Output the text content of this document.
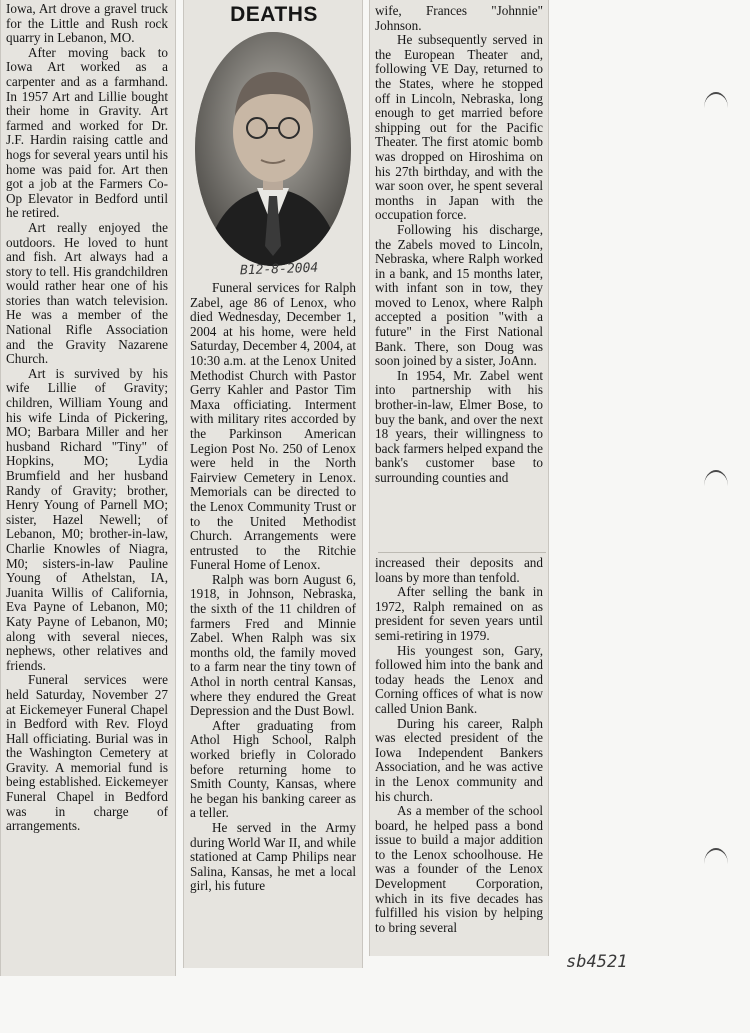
Iowa, Art drove a gravel truck for the Little and Rush rock quarry in Lebanon, MO.

After moving back to Iowa Art worked as a carpenter and as a farmhand. In 1957 Art and Lillie bought their home in Gravity. Art farmed and worked for Dr. J.F. Hardin raising cattle and hogs for several years until his home was paid for. Art then got a job at the Farmers Co-Op Elevator in Bedford until he retired.

Art really enjoyed the outdoors. He loved to hunt and fish. Art always had a story to tell. His grandchildren would rather hear one of his stories than watch television. He was a member of the National Rifle Association and the Gravity Nazarene Church.

Art is survived by his wife Lillie of Gravity; children, William Young and his wife Linda of Pickering, MO; Barbara Miller and her husband Richard "Tiny" of Hopkins, MO; Lydia Brumfield and her husband Randy of Gravity; brother, Henry Young of Parnell MO; sister, Hazel Newell; of Lebanon, M0; brother-in-law, Charlie Knowles of Niagra, M0; sisters-in-law Pauline Young of Athelstan, IA, Juanita Willis of California, Eva Payne of Lebanon, M0; Katy Payne of Lebanon, M0; along with several nieces, nephews, other relatives and friends.

Funeral services were held Saturday, November 27 at Eickemeyer Funeral Chapel in Bedford with Rev. Floyd Hall officiating. Burial was in the Washington Cemetery at Gravity. A memorial fund is being established. Eickemeyer Funeral Chapel in Bedford was in charge of arrangements.

DEATHS
B12-8-2004

Funeral services for Ralph Zabel, age 86 of Lenox, who died Wednesday, December 1, 2004 at his home, were held Saturday, December 4, 2004, at 10:30 a.m. at the Lenox United Methodist Church with Pastor Gerry Kahler and Pastor Tim Maxa officiating. Interment with military rites accorded by the Parkinson American Legion Post No. 250 of Lenox were held in the North Fairview Cemetery in Lenox. Memorials can be directed to the Lenox Community Trust or to the United Methodist Church. Arrangements were entrusted to the Ritchie Funeral Home of Lenox.

Ralph was born August 6, 1918, in Johnson, Nebraska, the sixth of the 11 children of farmers Fred and Minnie Zabel. When Ralph was six months old, the family moved to a farm near the tiny town of Athol in north central Kansas, where they endured the Great Depression and the Dust Bowl.

After graduating from Athol High School, Ralph worked briefly in Colorado before returning home to Smith County, Kansas, where he began his banking career as a teller.

He served in the Army during World War II, and while stationed at Camp Philips near Salina, Kansas, he met a local girl, his future

wife, Frances "Johnnie" Johnson.

He subsequently served in the European Theater and, following VE Day, returned to the States, where he stopped off in Lincoln, Nebraska, long enough to get married before shipping out for the Pacific Theater. The first atomic bomb was dropped on Hiroshima on his 27th birthday, and with the war soon over, he spent several months in Japan with the occupation force.

Following his discharge, the Zabels moved to Lincoln, Nebraska, where Ralph worked in a bank, and 15 months later, with infant son in tow, they moved to Lenox, where Ralph accepted a position "with a future" in the First National Bank. There, son Doug was soon joined by a sister, JoAnn.

In 1954, Mr. Zabel went into partnership with his brother-in-law, Elmer Bose, to buy the bank, and over the next 18 years, their willingness to back farmers helped expand the bank's customer base to surrounding counties and

increased their deposits and loans by more than tenfold.

After selling the bank in 1972, Ralph remained on as president for seven years until semi-retiring in 1979.

His youngest son, Gary, followed him into the bank and today heads the Lenox and Corning offices of what is now called Union Bank.

During his career, Ralph was elected president of the Iowa Independent Bankers Association, and he was active in the Lenox community and his church.

As a member of the school board, he helped pass a bond issue to build a major addition to the Lenox schoolhouse. He was a founder of the Lenox Development Corporation, which in its five decades has fulfilled his vision by helping to bring several

sb4521
